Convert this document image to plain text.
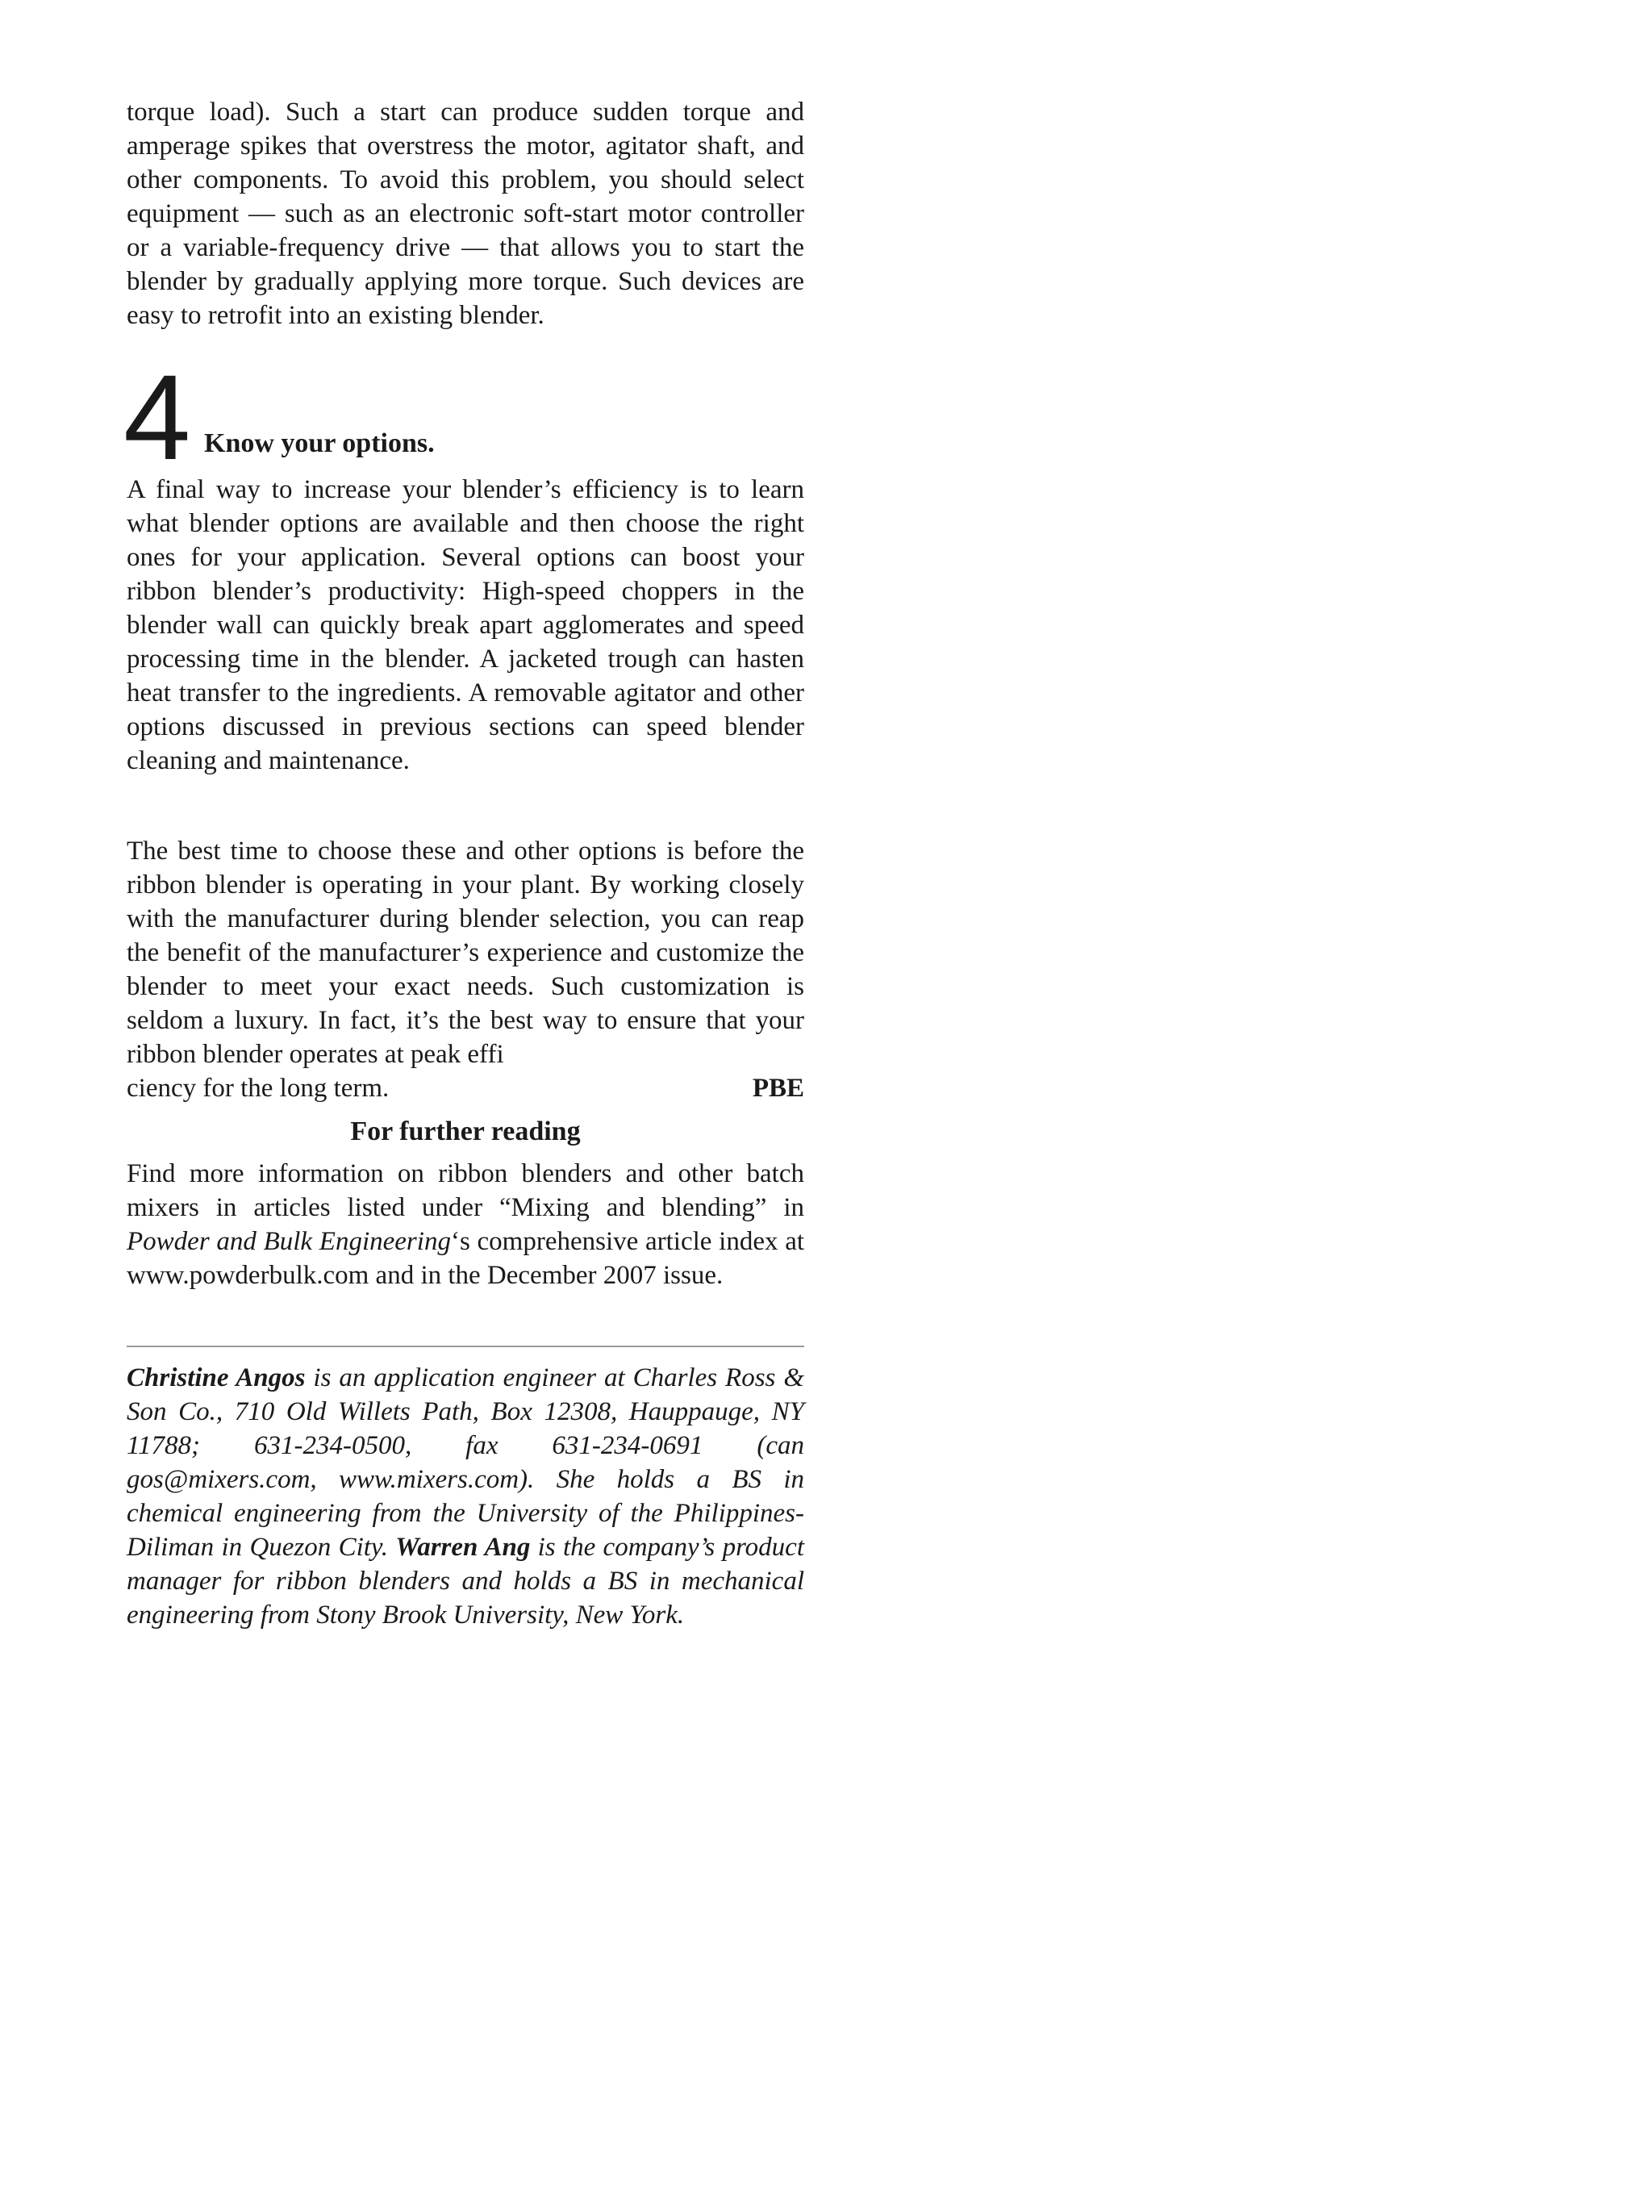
torque load). Such a start can produce sudden torque and amperage spikes that overstress the motor, agitator shaft, and other components. To avoid this problem, you should select equipment — such as an electronic soft-start motor controller or a variable-frequency drive — that allows you to start the blender by gradually applying more torque. Such devices are easy to retrofit into an existing blender.

4 Know your options.

A final way to increase your blender’s efficiency is to learn what blender options are available and then choose the right ones for your application. Several options can boost your ribbon blender’s productivity: High-speed choppers in the blender wall can quickly break apart agglomerates and speed processing time in the blender. A jacketed trough can hasten heat transfer to the ingredients. A removable agitator and other options discussed in previous sections can speed blender cleaning and maintenance.

The best time to choose these and other options is before the ribbon blender is operating in your plant. By working closely with the manufacturer during blender selection, you can reap the benefit of the manufacturer’s experience and customize the blender to meet your exact needs. Such customization is seldom a luxury. In fact, it’s the best way to ensure that your ribbon blender operates at peak effi

ciency for the long term.	PBE
For further reading

Find more information on ribbon blenders and other batch mixers in articles listed under “Mixing and blending” in Powder and Bulk Engineering‘s comprehensive article index at www.powderbulk.com and in the December 2007 issue.

Christine Angos is an application engineer at Charles Ross & Son Co., 710 Old Willets Path, Box 12308, Hauppauge, NY 11788; 631-234-0500, fax 631-234-0691 (can gos@mixers.com, www.mixers.com). She holds a BS in chemical engineering from the University of the Philippines-Diliman in Quezon City. Warren Ang is the company’s product manager for ribbon blenders and holds a BS in mechanical engineering from Stony Brook University, New York.
